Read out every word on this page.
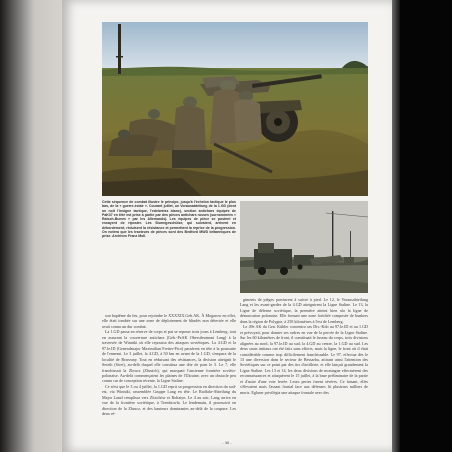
Cette séquence de combat illustre le principe, jusqu'à l'échelon tactique le plus bas, de la « guerre-éclair ». Courant juillet, un Vorausabteilung de la 1.GD (dont on noit l'insigne tactique, l'edelweiss blanc), section antichars équipée de PaK37 en tête est prise à partie par des pièces antichars russes (surnommées « Ratsch-Bumm » par les Allemands). Les équipes de pièce se postent et essayent de riposter. Les Sturmgeschütze, qui suivaient, arrivent en débordement, réduisent la résistance et permettent la reprise de la progression. On notera que les tracteurs de pièces sont des Bedford MWD britanniques de prise. Archives Franz Moll.

son baptême du feu, pour rejoindre le XXXXIX.Geb.AK. À Mogarow en effet, elle était tombée sur une zone de déploiement de blindés non détectée et elle avait connu un dur combat.

La 1.GD passa en réserve de corps et put se reposer trois jours à Lemberg, tout en assurant la couverture antichars (Geb.-PzAK Oberstleutnant Lang) à la traversée de Winniki où elle repoussa des attaques soviétiques. La 4.GD et la 97.le.ID (Generalmajor Maximilian Fretter-Pico) passèrent en tête à la poursuite de l'ennemi. Le 3 juillet, la 4.GD, à 50 km en avant de la 1.GD, s'empara de la localité de Brzezany. Tout en réduisant des résistances, la division atteignit le Sereth (Siret), au-delà duquel elle constitua une tête de pont le 5. Le 7, elle franchissait la Zbrucz (Zbrutch), qui marquait l'ancienne frontière soviéto-polonaise. Au-delà commençaient les plaines de l'Ukraine, avec un obstacle peu connu car de conception récente, la Ligne Staline.

Ce n'est que le 3 ou 4 juillet, la 1.GD reprit sa progression en direction du sud-est, via Winniki, rassemblée Gruppe Lang en tête. Le Radfahr-Abteilung du Major Lanzl remplissa vers Zlotchów et Rohatyn. Le 4 au soir, Lang arriva en vue de la frontière soviétique, à Trembowla. Le lendemain, il poursuivit en direction de la Zbrucz, et des hauteurs dominantes au-delà de la coupure. Les deux ré-

giments de pièges parvinrent à suivre à pied. Le 12, le Vorausabteilung Lang et les avant-gardes de la 4.GD atteignirent la Ligne Staline. Le 13, la Ligne de défense soviétique, la première atteint bien sûr la ligne de démarcation polonaise. Elle formait une zone fortifiée composée de bunkers dans la région de Polygne, à 250 kilomètres à l'est de Lemberg.

Le 49e AK du Gen. Kübler concentra ses Div.-Kdo au 97.le.ID et au 1.GD et prévoyait, pour donner ses ordres en vue de la percée de la Ligne Staline. Sur les 60 kilomètres de front, il constituait le fuseau du corps, trois divisions alignées au nord, la 97.le.ID au sud, la 4.GD au centre, la 1.GD au sud. Les deux sauts initiaux ont été faits sans efforts, mais la ligne, le front où il était considérable comme trop difficilement franchissable. Le 97. effectua dès le 13 une diversion dans le secteur de Bessarba, attirant ainsi l'attention des Soviétiques sur ce point par des tirs d'artillerie, et elle lançait grandement la Ligne Staline. Les 13 et 14, les deux divisions de montagne effectuèrent des reconnaissances et attaquèrent le 15 juillet, à la base préliminaire de la partie et d'autre d'une voie ferrée. Leurs pertes furent sévères. Ce faisant, elles s'élevaient mais l'assaut frontal face aux défenses fit plusieurs milliers de morts. Eglaser privilégia une attaque frontale avec des

- 36 -
